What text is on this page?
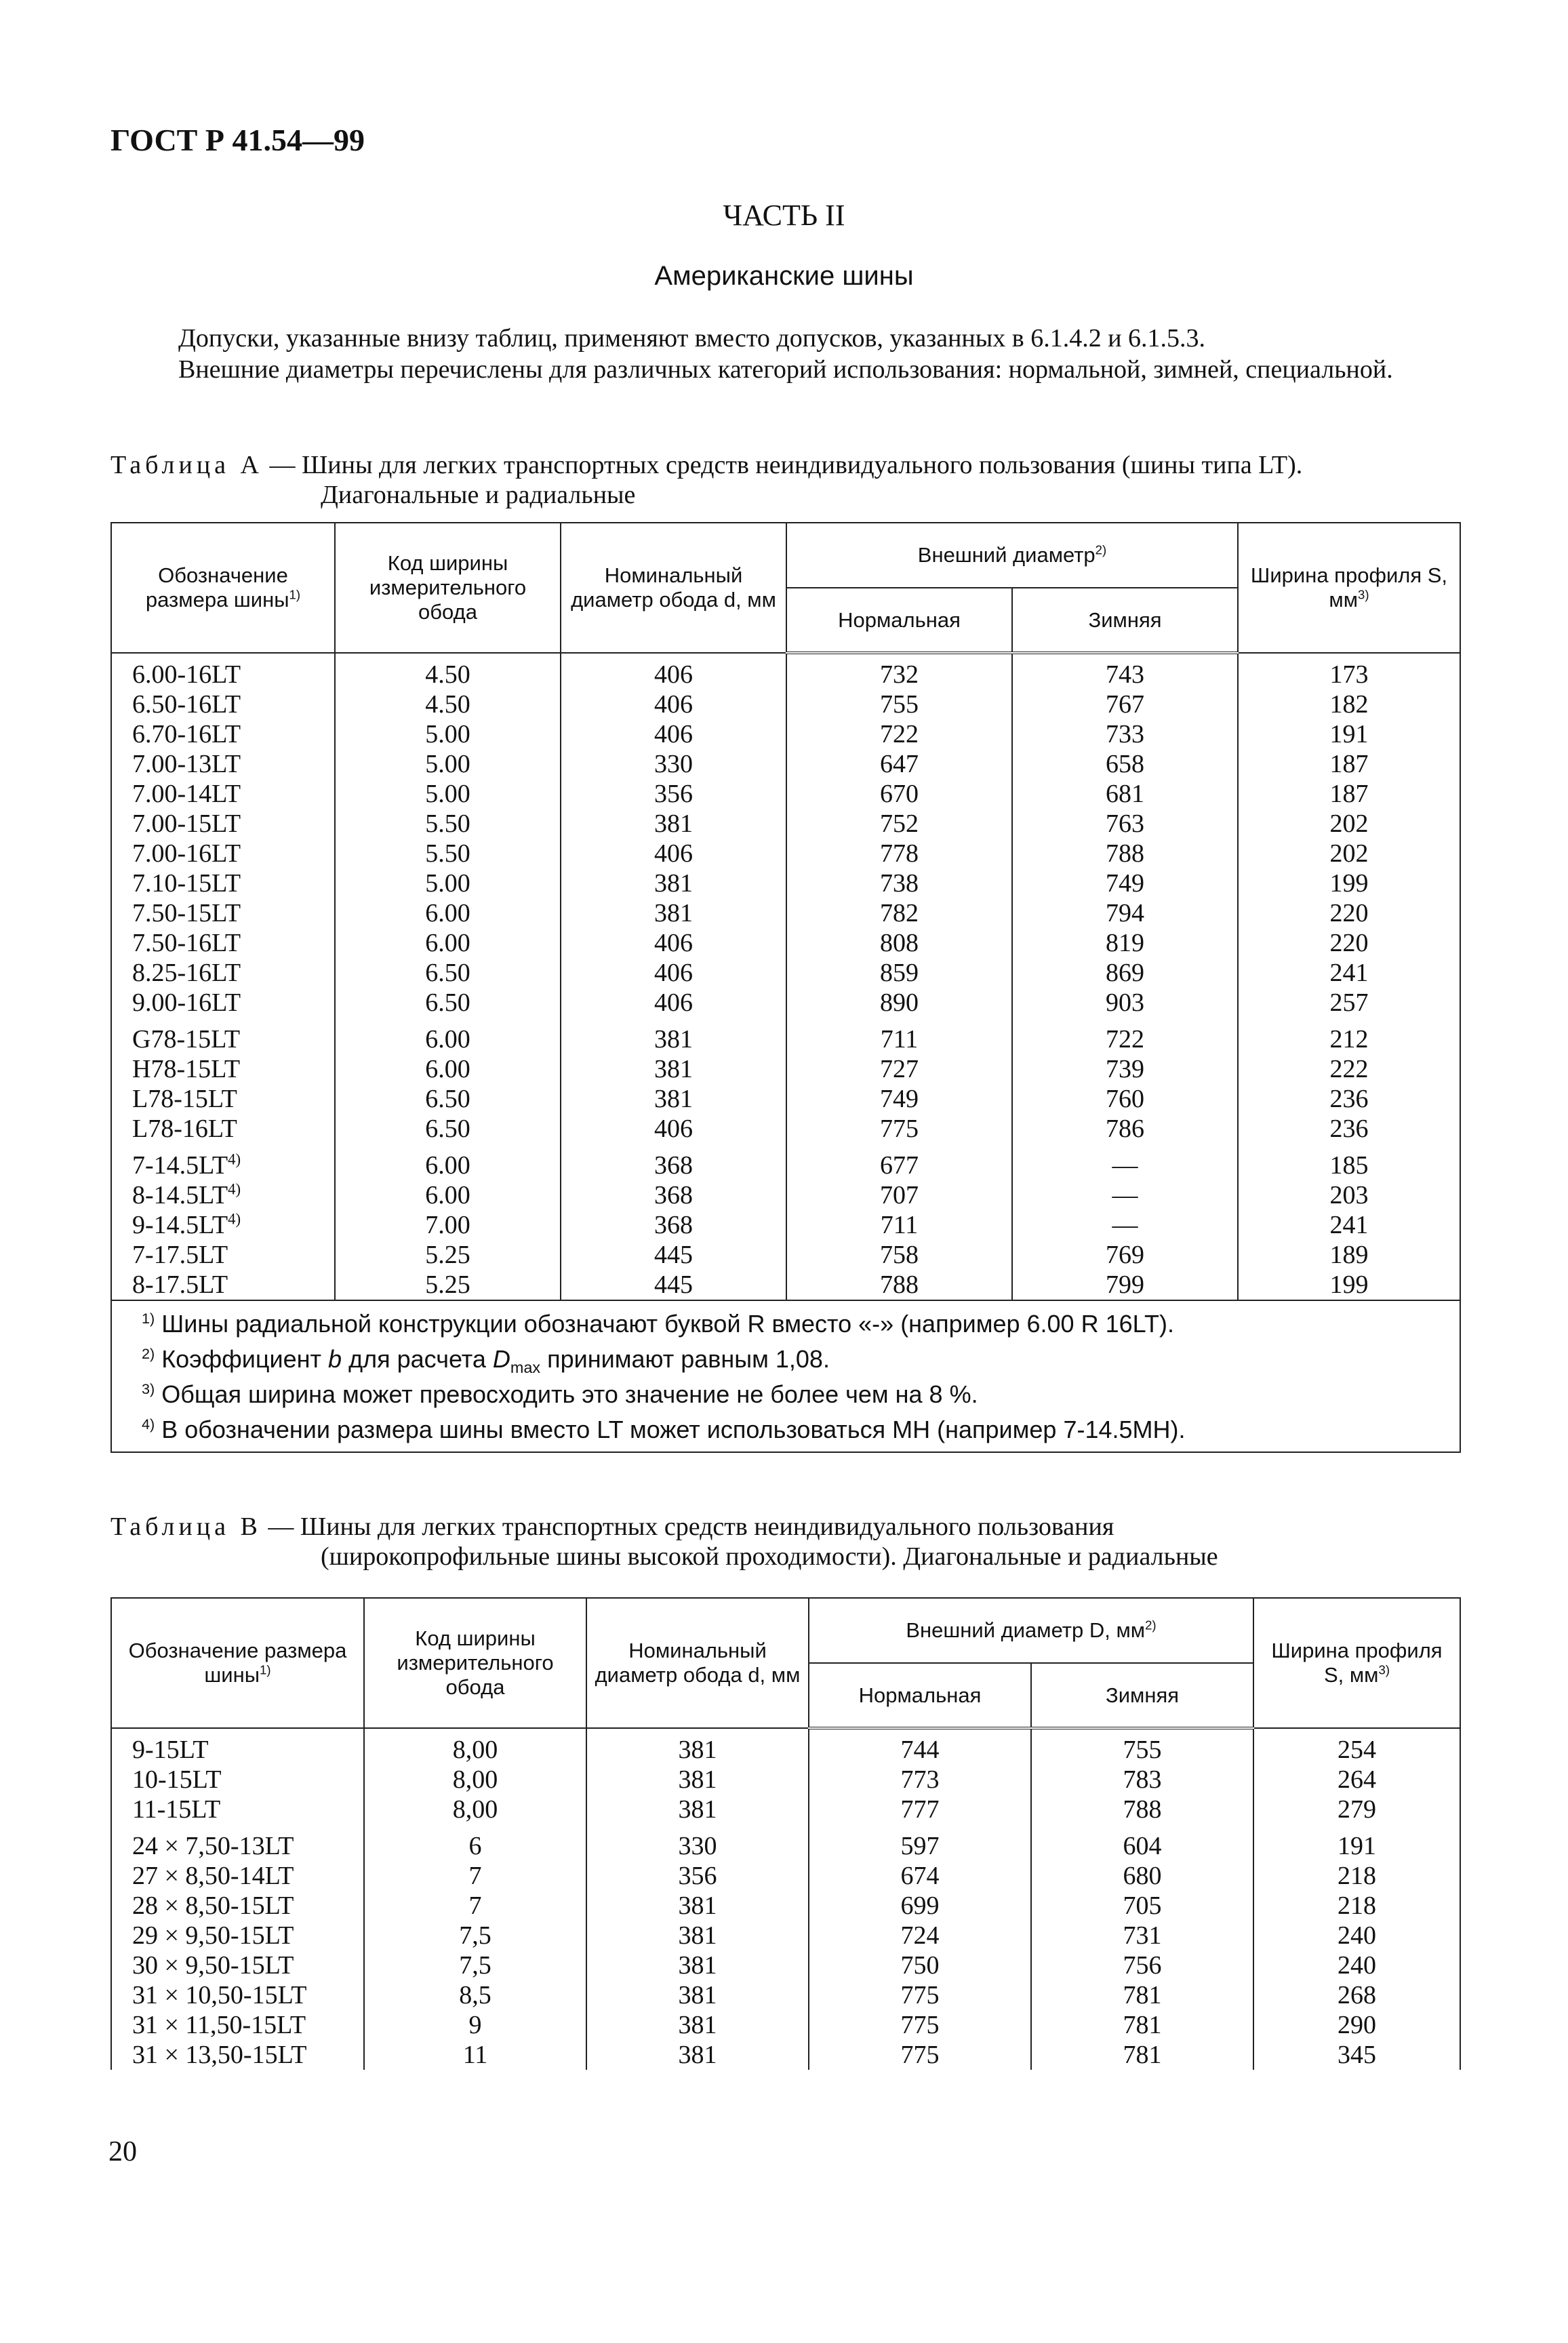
ГОСТ Р 41.54—99
ЧАСТЬ II
Американские шины

Допуски, указанные внизу таблиц, применяют вместо допусков, указанных в 6.1.4.2 и 6.1.5.3.

Внешние диаметры перечислены для различных категорий использования: нормальной, зимней, специальной.

Таблица А — Шины для легких транспортных средств неиндивидуального пользования (шины типа LT).
Диагональные и радиальные
Обозначение размера шины$^{1)}$	Код ширины измерительного обода	Номинальный диаметр обода d, мм	Внешний диаметр$^{2)}$		Ширина профиля S, $мм^{3)}$
			Нормальная	Зимняя	
6.00-16LT	4.50	406	732	743	173
6.50-16LT	4.50	406	755	767	182
6.70-16LT	5.00	406	722	733	191
7.00-13LT	5.00	330	647	658	187
7.00-14LT	5.00	356	670	681	187
7.00-15LT	5.50	381	752	763	202
7.00-16LT	5.50	406	778	788	202
7.10-15LT	5.00	381	738	749	199
7.50-15LT	6.00	381	782	794	220
7.50-16LT	6.00	406	808	819	220
8.25-16LT	6.50	406	859	869	241
9.00-16LT	6.50	406	890	903	257
G78-15LT	6.00	381	711	722	212
H78-15LT	6.00	381	727	739	222
L78-15LT	6.50	381	749	760	236
L78-16LT	6.50	406	775	786	236
7-14.5LT$^{4)}$	6.00	368	677	—	185
8-14.5LT$^{4)}$	6.00	368	707	—	203
9-14.5LT$^{4)}$	7.00	368	711	—	241
7-17.5LT	5.25	445	758	769	189
8-17.5LT	5.25	445	788	799	199

$^{1)}$ Шины радиальной конструкции обозначают буквой R вместо «-» (например 6.00 R 16LT).
$^{2)}$ Коэффициент b для расчета $D_{max}$ принимают равным 1,08.
$^{3)}$ Общая ширина может превосходить это значение не более чем на 8 %.
$^{4)}$ В обозначении размера шины вместо LT может использоваться MH (например 7-14.5MH).					
Таблица В — Шины для легких транспортных средств неиндивидуального пользования
(широкопрофильные шины высокой проходимости). Диагональные и радиальные
Обозначение размера шины$^{1)}$	Код ширины измерительного обода	Номинальный диаметр обода d, мм	Внешний диаметр D, $мм^{2)}$		Ширина профиля S, $мм^{3)}$
			Нормальная	Зимняя	
9-15LT	8,00	381	744	755	254
10-15LT	8,00	381	773	783	264
11-15LT	8,00	381	777	788	279
24 × 7,50-13LT	6	330	597	604	191
27 × 8,50-14LT	7	356	674	680	218
28 × 8,50-15LT	7	381	699	705	218
29 × 9,50-15LT	7,5	381	724	731	240
30 × 9,50-15LT	7,5	381	750	756	240
31 × 10,50-15LT	8,5	381	775	781	268
31 × 11,50-15LT	9	381	775	781	290
31 × 13,50-15LT	11	381	775	781	345
20
